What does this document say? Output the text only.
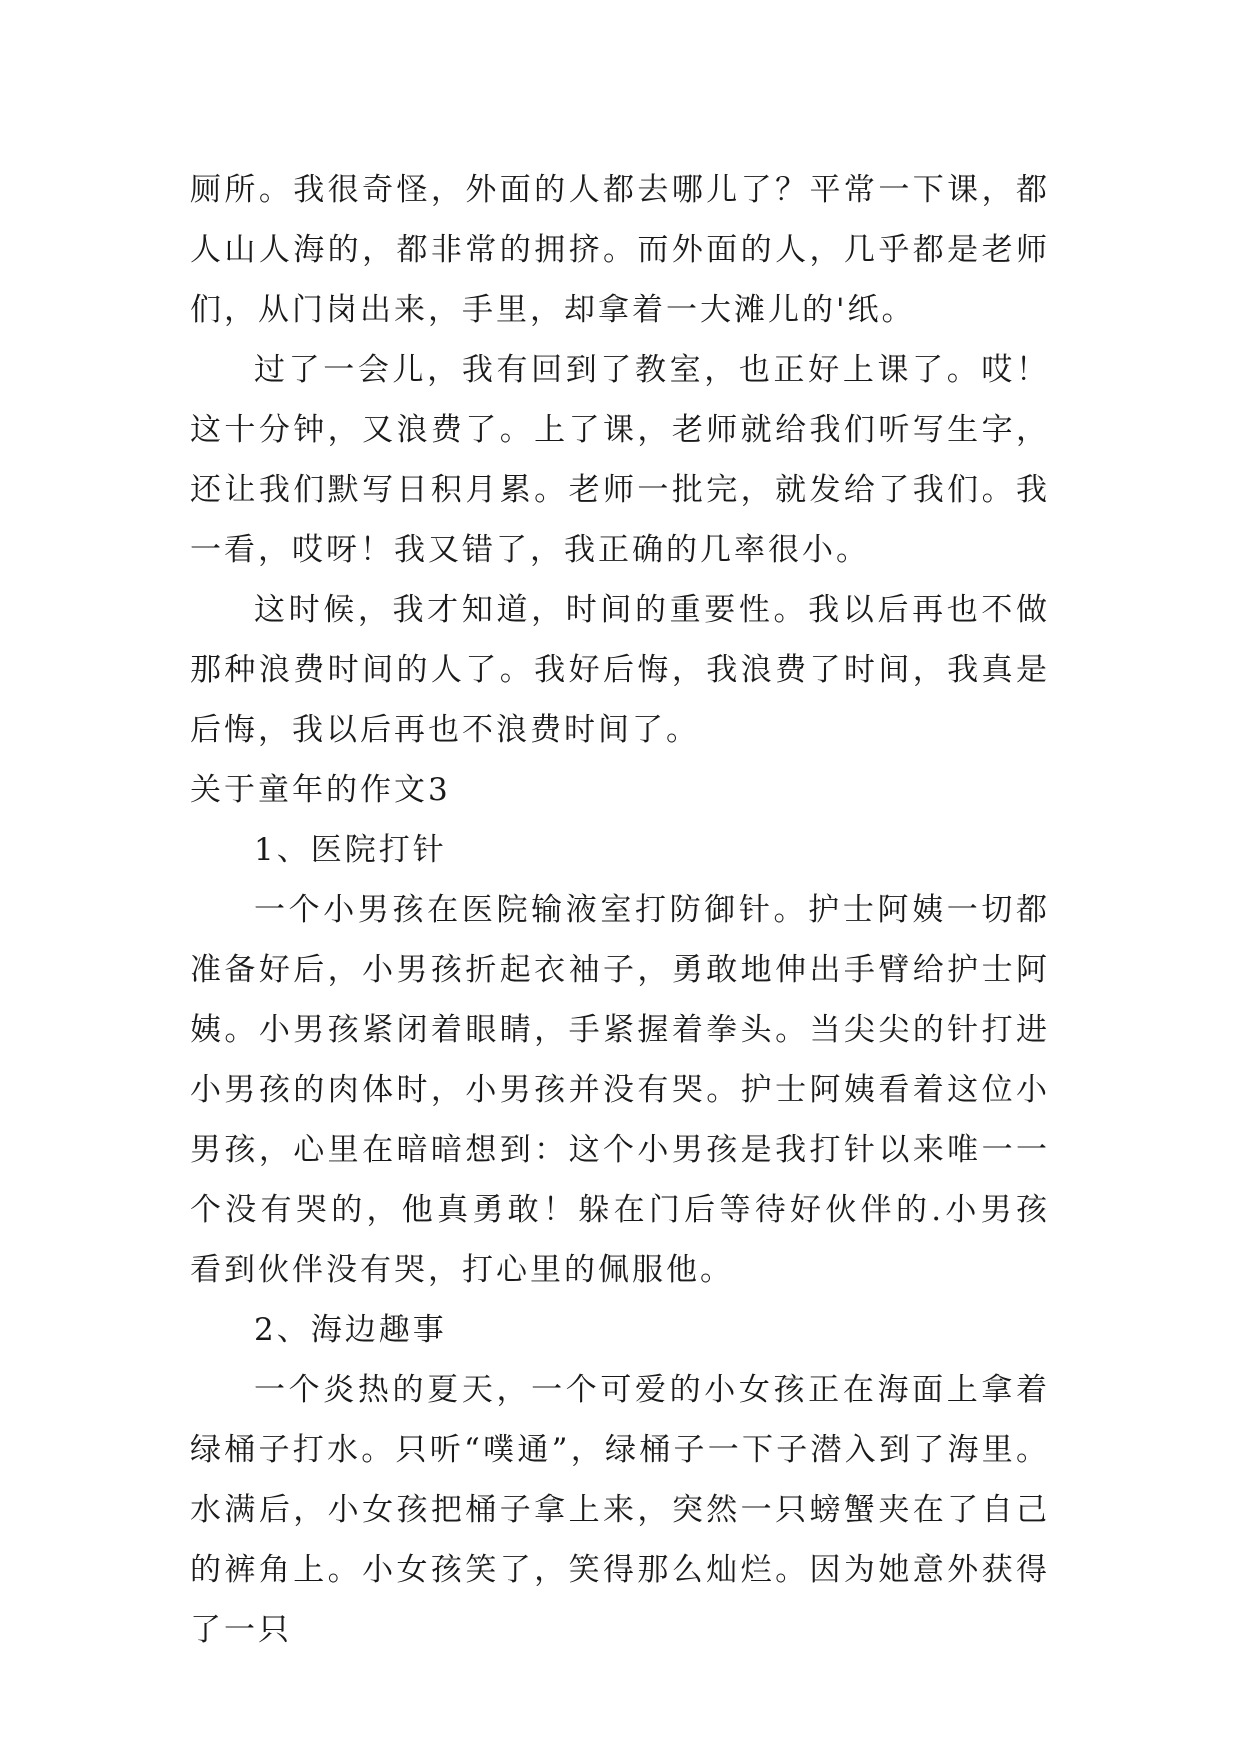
厕所。我很奇怪，外面的人都去哪儿了？平常一下课，都人山人海的，都非常的拥挤。而外面的人，几乎都是老师们，从门岗出来，手里，却拿着一大滩儿的'纸。

过了一会儿，我有回到了教室，也正好上课了。哎！这十分钟，又浪费了。上了课，老师就给我们听写生字，还让我们默写日积月累。老师一批完，就发给了我们。我一看，哎呀！我又错了，我正确的几率很小。

这时候，我才知道，时间的重要性。我以后再也不做那种浪费时间的人了。我好后悔，我浪费了时间，我真是后悔，我以后再也不浪费时间了。

关于童年的作文3

1、医院打针

一个小男孩在医院输液室打防御针。护士阿姨一切都准备好后，小男孩折起衣袖子，勇敢地伸出手臂给护士阿姨。小男孩紧闭着眼睛，手紧握着拳头。当尖尖的针打进小男孩的肉体时，小男孩并没有哭。护士阿姨看着这位小男孩，心里在暗暗想到：这个小男孩是我打针以来唯一一个没有哭的，他真勇敢！躲在门后等待好伙伴的.小男孩看到伙伴没有哭，打心里的佩服他。

2、海边趣事

一个炎热的夏天，一个可爱的小女孩正在海面上拿着绿桶子打水。只听“噗通”，绿桶子一下子潜入到了海里。水满后，小女孩把桶子拿上来，突然一只螃蟹夹在了自己的裤角上。小女孩笑了，笑得那么灿烂。因为她意外获得了一只
